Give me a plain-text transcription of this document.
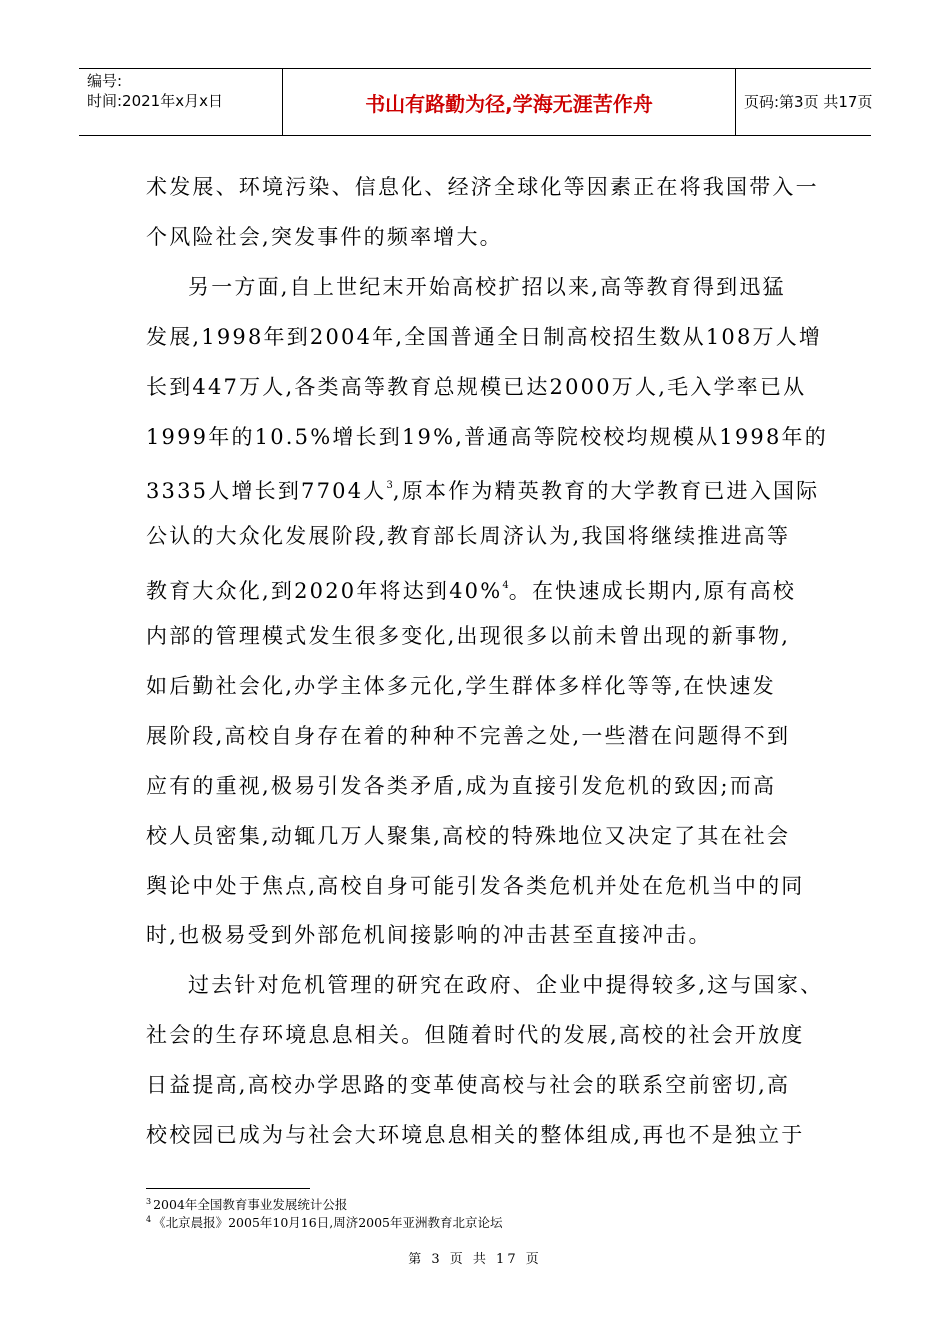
编号:
时间:2021年x月x日	书山有路勤为径,学海无涯苦作舟	页码:第3页 共17页
术发展、环境污染、信息化、经济全球化等因素正在将我国带入一
个风险社会,突发事件的频率增大。
另一方面,自上世纪末开始高校扩招以来,高等教育得到迅猛
发展,1998年到2004年,全国普通全日制高校招生数从108万人增
长到447万人,各类高等教育总规模已达2000万人,毛入学率已从
1999年的10.5%增长到19%,普通高等院校校均规模从1998年的
3335人增长到7704人$^3$,原本作为精英教育的大学教育已进入国际
公认的大众化发展阶段,教育部长周济认为,我国将继续推进高等
教育大众化,到2020年将达到40%$^4$。在快速成长期内,原有高校
内部的管理模式发生很多变化,出现很多以前未曾出现的新事物,
如后勤社会化,办学主体多元化,学生群体多样化等等,在快速发
展阶段,高校自身存在着的种种不完善之处,一些潜在问题得不到
应有的重视,极易引发各类矛盾,成为直接引发危机的致因;而高
校人员密集,动辄几万人聚集,高校的特殊地位又决定了其在社会
舆论中处于焦点,高校自身可能引发各类危机并处在危机当中的同
时,也极易受到外部危机间接影响的冲击甚至直接冲击。
过去针对危机管理的研究在政府、企业中提得较多,这与国家、
社会的生存环境息息相关。但随着时代的发展,高校的社会开放度
日益提高,高校办学思路的变革使高校与社会的联系空前密切,高
校校园已成为与社会大环境息息相关的整体组成,再也不是独立于
$^3$ 2004年全国教育事业发展统计公报
$^4$ 《北京晨报》2005年10月16日,周济2005年亚洲教育北京论坛
第 3 页 共 17 页
